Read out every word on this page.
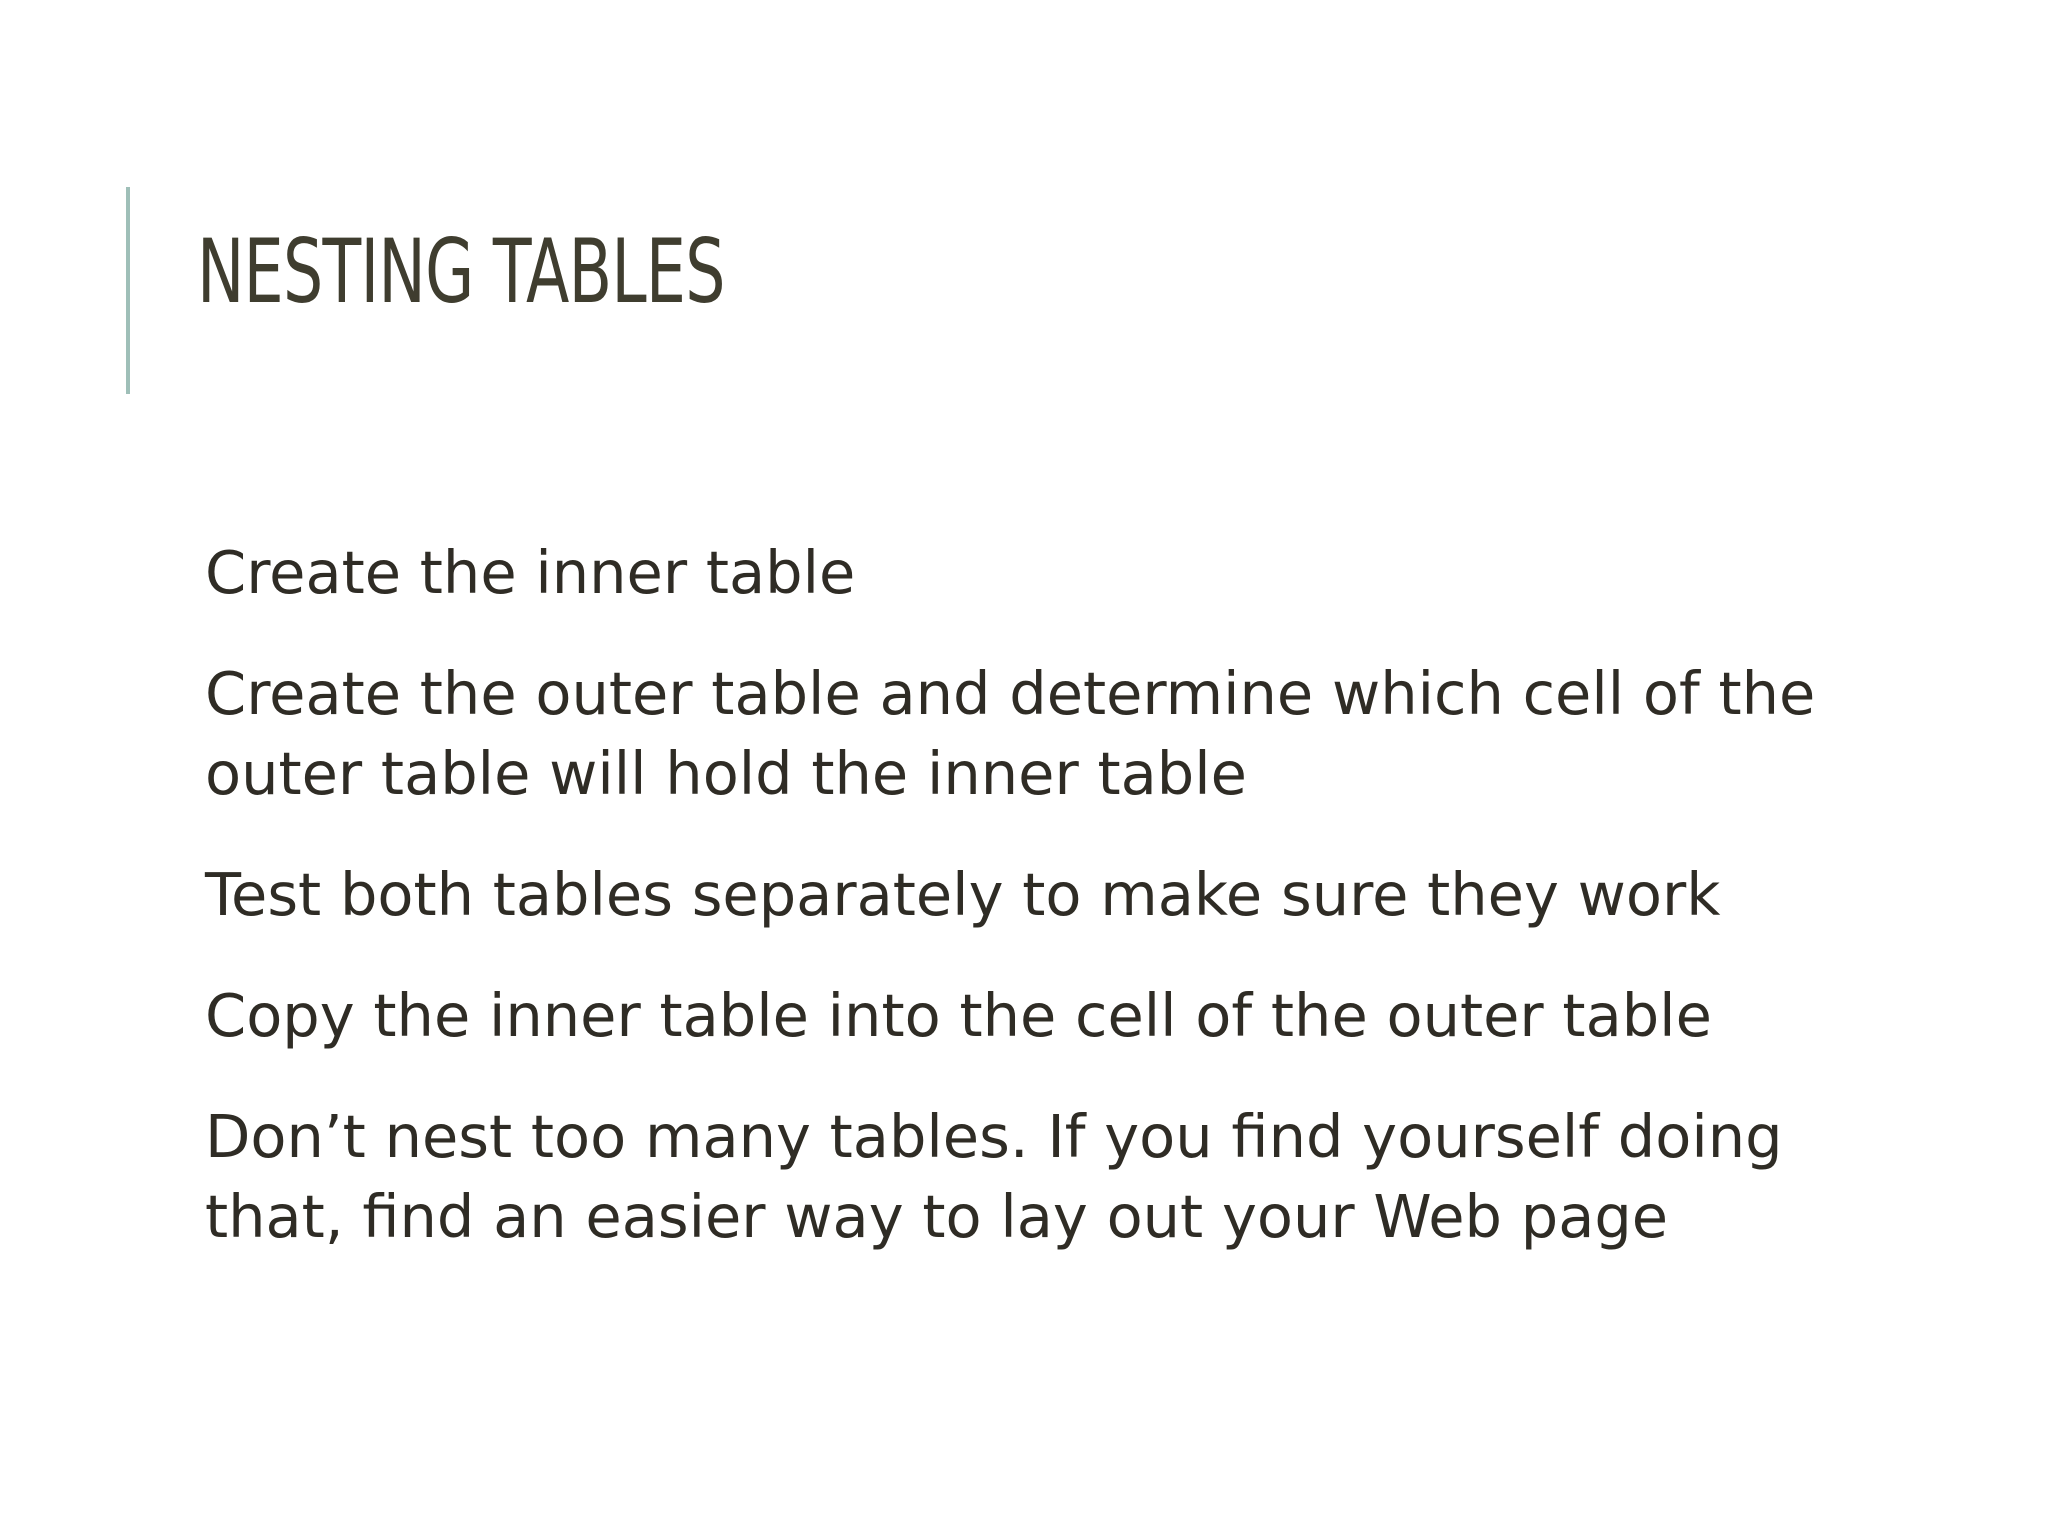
NESTING TABLES
Create the inner table
Create the outer table and determine which cell of the outer table will hold the inner table
Test both tables separately to make sure they work
Copy the inner table into the cell of the outer table
Don’t nest too many tables. If you find yourself doing that, find an easier way to lay out your Web page
